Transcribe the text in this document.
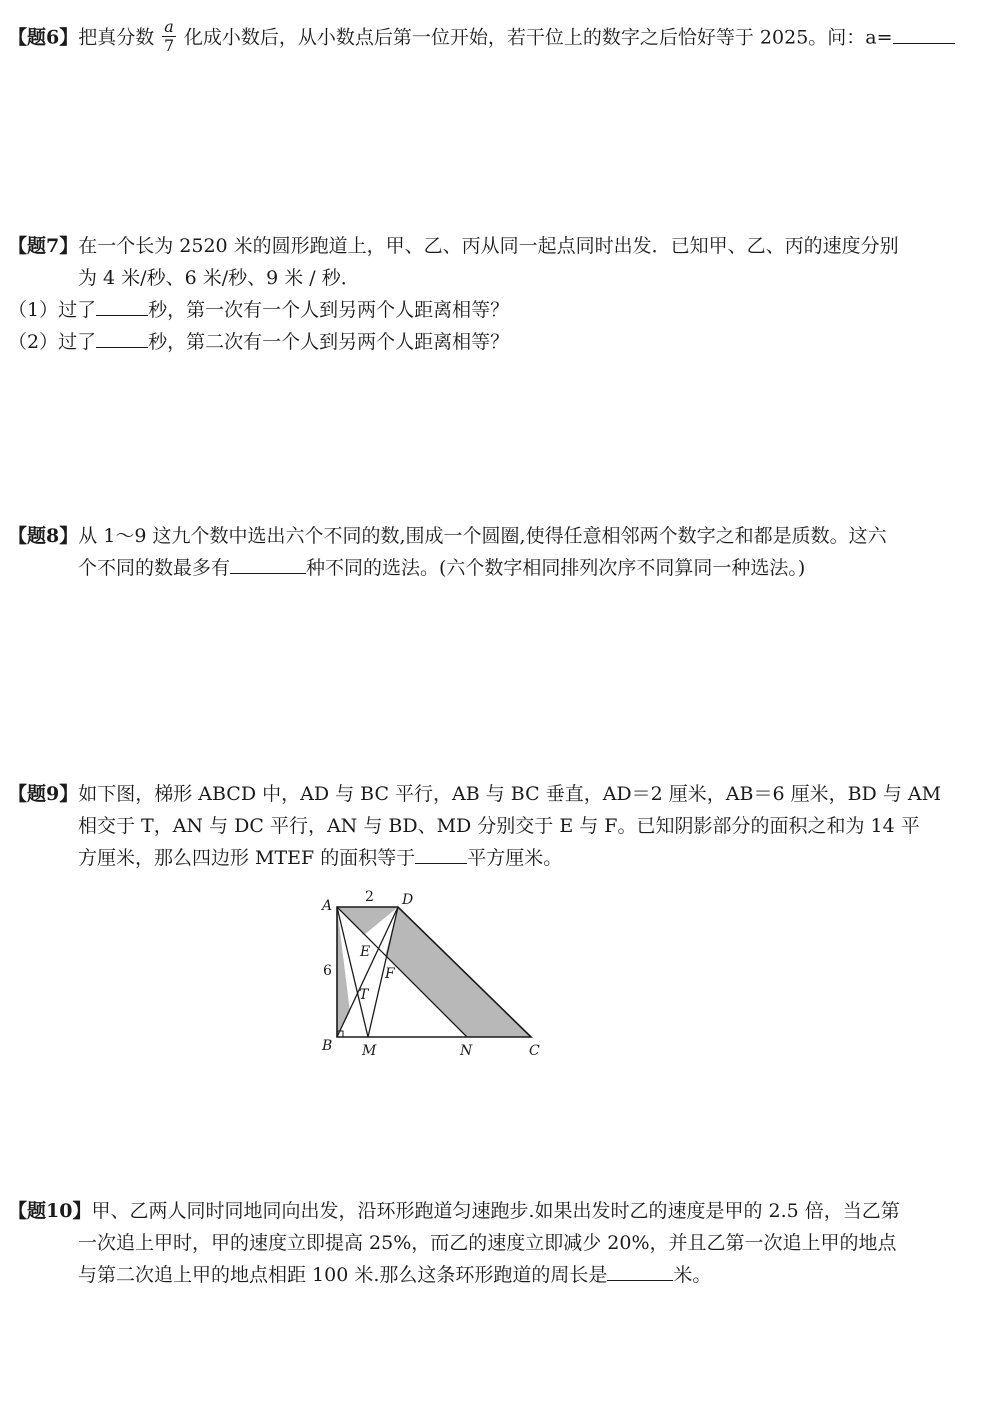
【题6】把真分数 $\frac{a}{7}$ 化成小数后，从小数点后第一位开始，若干位上的数字之后恰好等于 2025。问：a=
【题7】在一个长为 2520 米的圆形跑道上，甲、乙、丙从同一起点同时出发．已知甲、乙、丙的速度分别
为 4 米/秒、6 米/秒、9 米 / 秒．
（1）过了	秒，第一次有一个人到另两个人距离相等？
（2）过了	秒，第二次有一个人到另两个人距离相等？
【题8】从 1～9 这九个数中选出六个不同的数,围成一个圆圈,使得任意相邻两个数字之和都是质数。这六
个不同的数最多有	种不同的选法。(六个数字相同排列次序不同算同一种选法。)
【题9】如下图，梯形 ABCD 中，AD 与 BC 平行，AB 与 BC 垂直，AD＝2 厘米，AB＝6 厘米，BD 与 AM
相交于 T，AN 与 DC 平行，AN 与 BD、MD 分别交于 E 与 F。已知阴影部分的面积之和为 14 平
方厘米，那么四边形 MTEF 的面积等于	平方厘米。
A
B	C
D
M	N
E
F
T
2
6
【题10】甲、乙两人同时同地同向出发，沿环形跑道匀速跑步.如果出发时乙的速度是甲的 2.5 倍，当乙第
一次追上甲时，甲的速度立即提高 25%，而乙的速度立即减少 20%，并且乙第一次追上甲的地点
与第二次追上甲的地点相距 100 米.那么这条环形跑道的周长是	米。
